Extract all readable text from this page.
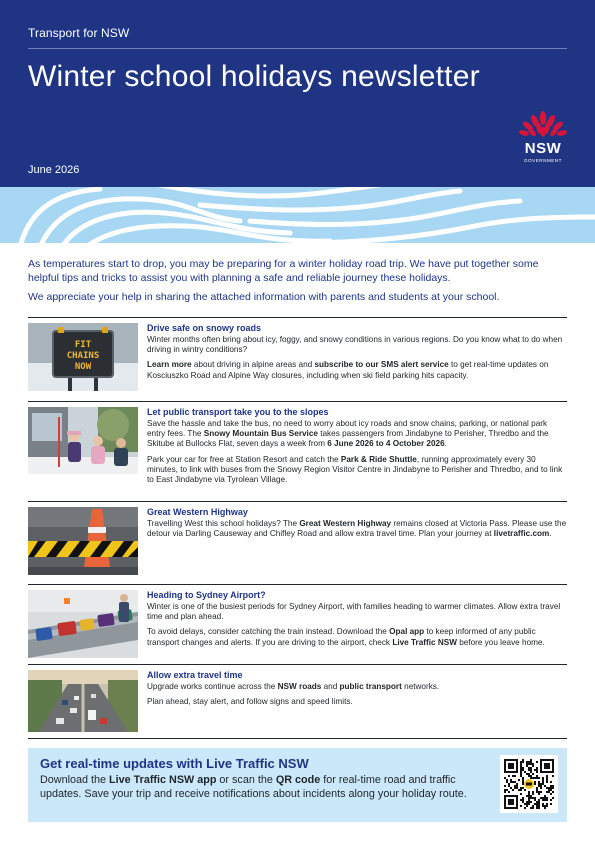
Transport for NSW
Winter school holidays newsletter
June 2026
NSW
GOVERNMENT

As temperatures start to drop, you may be preparing for a winter holiday road trip. We have put together some helpful tips and tricks to assist you with planning a safe and reliable journey these holidays.

We appreciate your help in sharing the attached information with parents and students at your school.

FIT
CHAINS
NOW
Drive safe on snowy roads

Winter months often bring about icy, foggy, and snowy conditions in various regions. Do you know what to do when driving in wintry conditions?

Learn more about driving in alpine areas and subscribe to our SMS alert service to get real-time updates on Kosciuszko Road and Alpine Way closures, including when ski field parking hits capacity.

Let public transport take you to the slopes

Save the hassle and take the bus, no need to worry about icy roads and snow chains, parking, or national park entry fees. The Snowy Mountain Bus Service takes passengers from Jindabyne to Perisher, Thredbo and the Skitube at Bullocks Flat, seven days a week from 6 June 2026 to 4 October 2026.

Park your car for free at Station Resort and catch the Park & Ride Shuttle, running approximately every 30 minutes, to link with buses from the Snowy Region Visitor Centre in Jindabyne to Perisher and Thredbo, and to link to East Jindabyne via Tyrolean Village.

Great Western Highway

Travelling West this school holidays? The Great Western Highway remains closed at Victoria Pass. Please use the detour via Darling Causeway and Chifley Road and allow extra travel time. Plan your journey at livetraffic.com.

Heading to Sydney Airport?

Winter is one of the busiest periods for Sydney Airport, with families heading to warmer climates. Allow extra travel time and plan ahead.

To avoid delays, consider catching the train instead. Download the Opal app to keep informed of any public transport changes and alerts. If you are driving to the airport, check Live Traffic NSW before you leave home.

Allow extra travel time

Upgrade works continue across the NSW roads and public transport networks.

Plan ahead, stay alert, and follow signs and speed limits.

Get real-time updates with Live Traffic NSW
Download the Live Traffic NSW app or scan the QR code for real-time road and traffic updates. Save your trip and receive notifications about incidents along your holiday route.
